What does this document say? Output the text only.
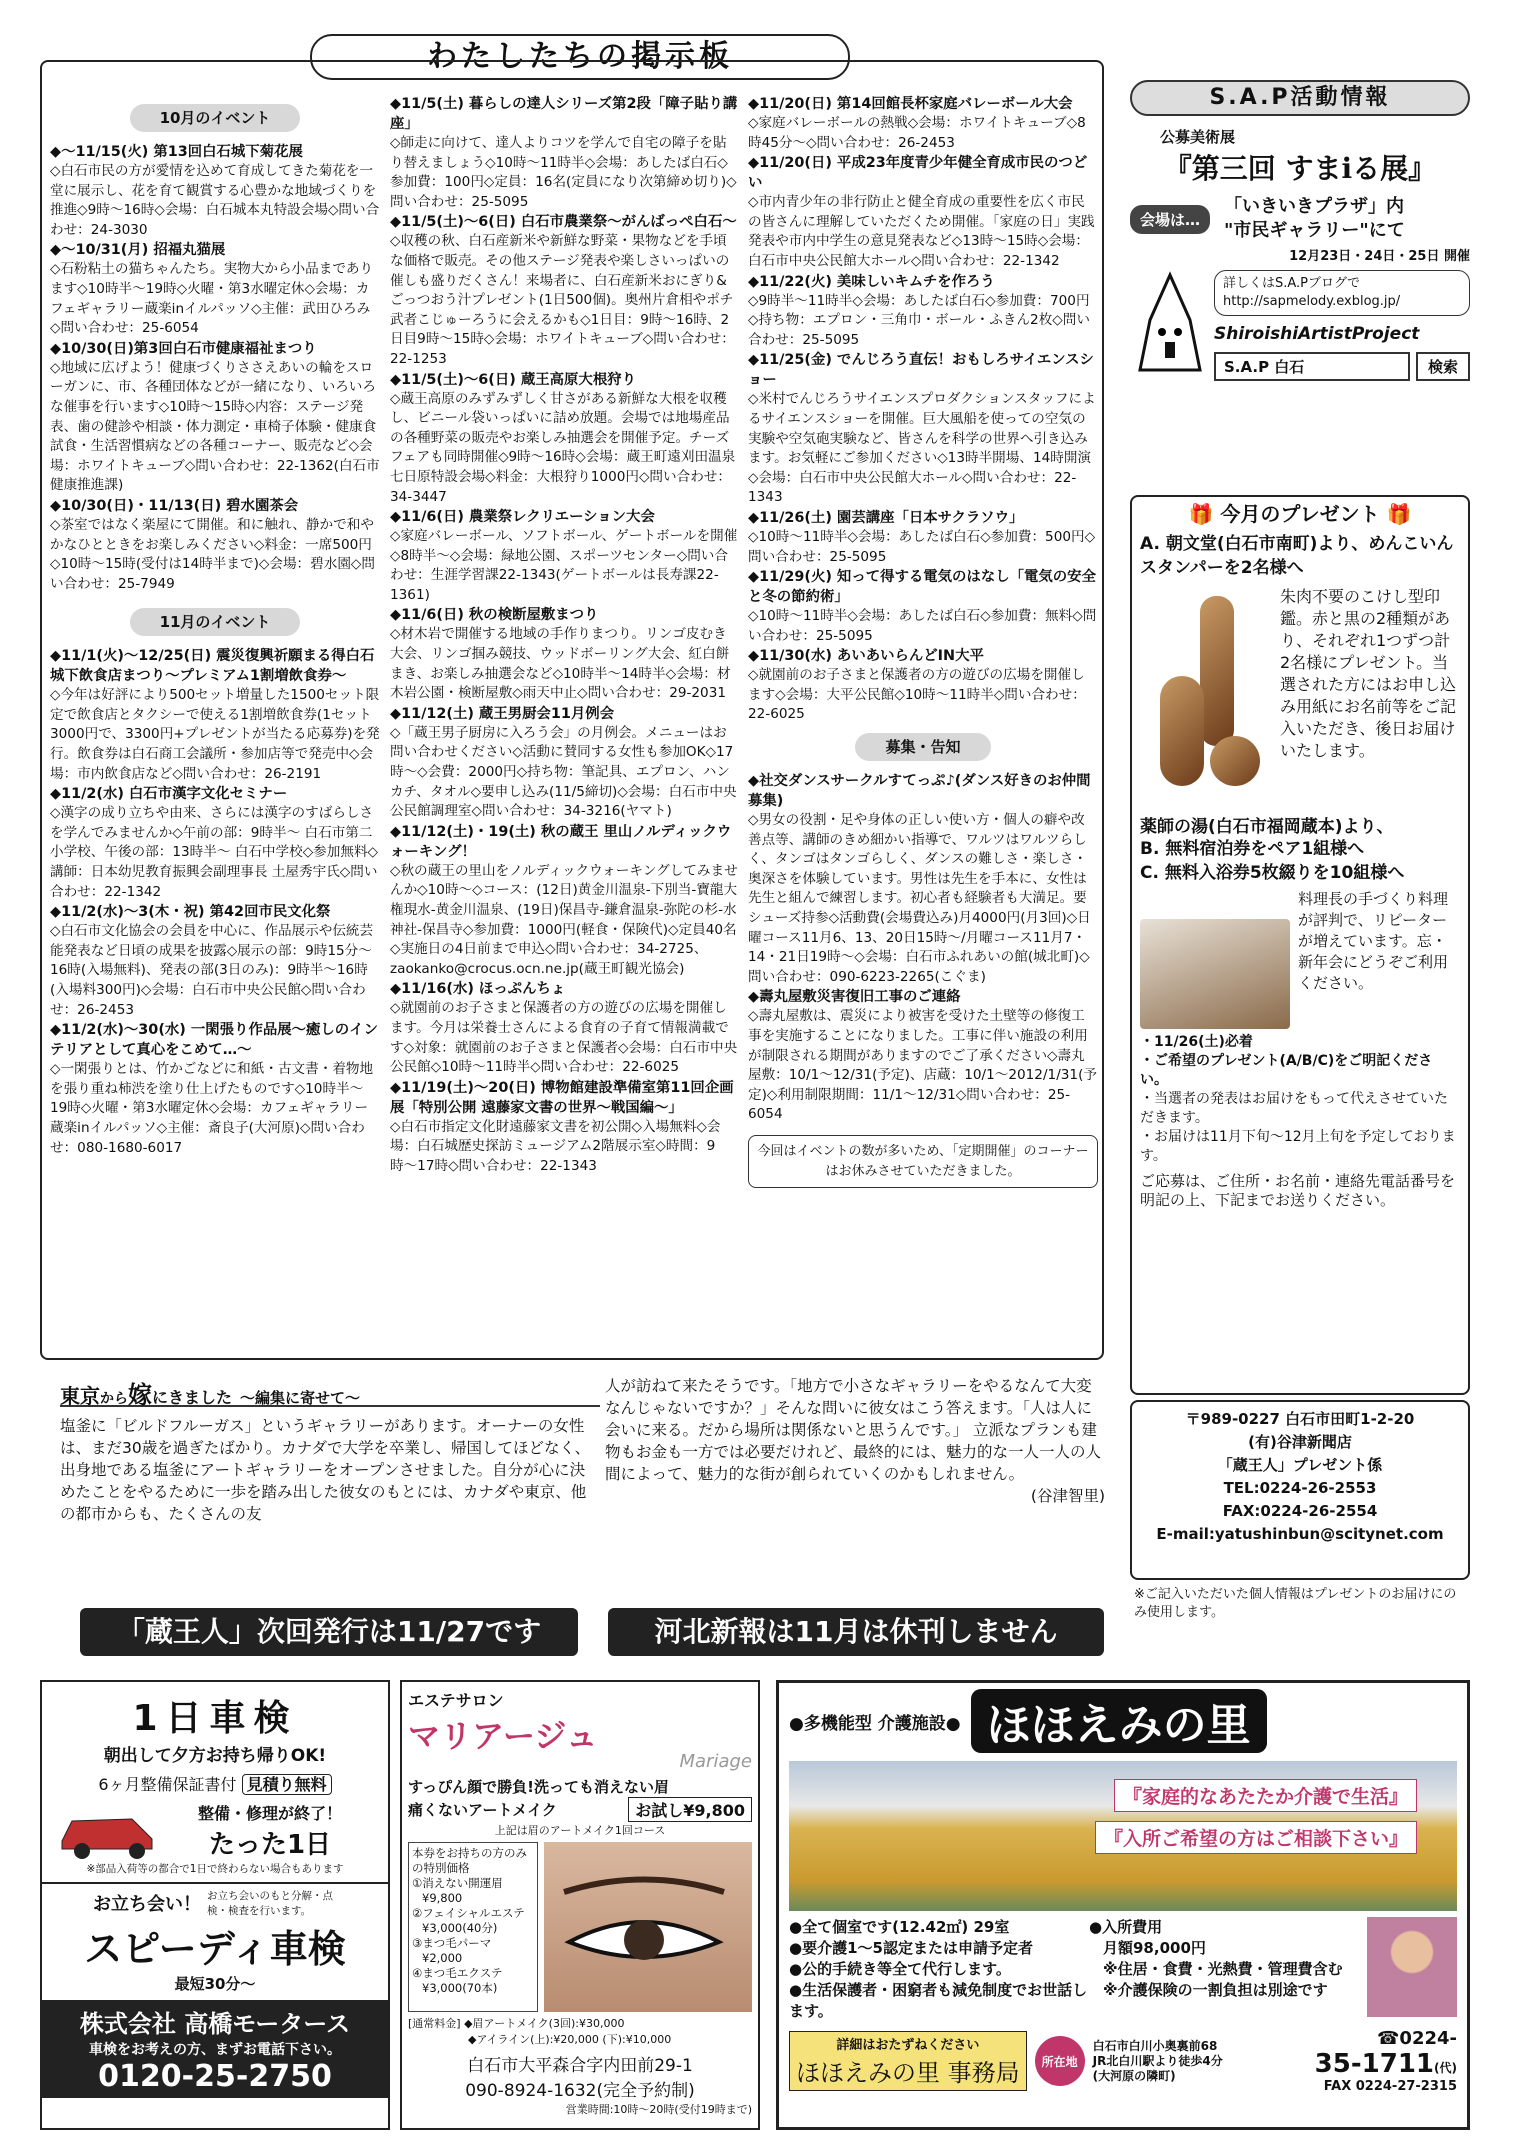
わたしたちの掲示板
10月のイベント
◆〜11/15(火) 第13回白石城下菊花展
◇白石市民の方が愛情を込めて育成してきた菊花を一堂に展示し、花を育て観賞する心豊かな地域づくりを推進◇9時〜16時◇会場：白石城本丸特設会場◇問い合わせ：24-3030
◆〜10/31(月) 招福丸猫展
◇石粉粘土の猫ちゃんたち。実物大から小品まであります◇10時半〜19時◇火曜・第3水曜定休◇会場：カフェギャラリー蔵楽inイルパッソ◇主催：武田ひろみ◇問い合わせ：25-6054
◆10/30(日)第3回白石市健康福祉まつり
◇地域に広げよう！健康づくりささえあいの輪をスローガンに、市、各種団体などが一緒になり、いろいろな催事を行います◇10時〜15時◇内容：ステージ発表、歯の健診や相談・体力測定・車椅子体験・健康食試食・生活習慣病などの各種コーナー、販売など◇会場：ホワイトキューブ◇問い合わせ：22-1362(白石市健康推進課)
◆10/30(日)・11/13(日) 碧水園茶会
◇茶室ではなく楽屋にて開催。和に触れ、静かで和やかなひとときをお楽しみください◇料金：一席500円◇10時〜15時(受付は14時半まで)◇会場：碧水園◇問い合わせ：25-7949
11月のイベント
◆11/1(火)〜12/25(日) 震災復興祈願まる得白石城下飲食店まつり〜プレミアム1割増飲食券〜
◇今年は好評により500セット増量した1500セット限定で飲食店とタクシーで使える1割増飲食券(1セット3000円で、3300円+プレゼントが当たる応募券)を発行。飲食券は白石商工会議所・参加店等で発売中◇会場：市内飲食店など◇問い合わせ：26-2191
◆11/2(水) 白石市漢字文化セミナー
◇漢字の成り立ちや由来、さらには漢字のすばらしさを学んでみませんか◇午前の部：9時半〜 白石市第二小学校、午後の部：13時半〜 白石中学校◇参加無料◇講師：日本幼児教育振興会副理事長 土屋秀宇氏◇問い合わせ：22-1342
◆11/2(水)〜3(木・祝) 第42回市民文化祭
◇白石市文化協会の会員を中心に、作品展示や伝統芸能発表など日頃の成果を披露◇展示の部：9時15分〜16時(入場無料)、発表の部(3日のみ)：9時半〜16時(入場料300円)◇会場：白石市中央公民館◇問い合わせ：26-2453
◆11/2(水)〜30(水) 一閑張り作品展〜癒しのインテリアとして真心をこめて…〜
◇一閑張りとは、竹かごなどに和紙・古文書・着物地を張り重ね柿渋を塗り仕上げたものです◇10時半〜19時◇火曜・第3水曜定休◇会場：カフェギャラリー蔵楽inイルパッソ◇主催：斎良子(大河原)◇問い合わせ：080-1680-6017
◆11/5(土) 暮らしの達人シリーズ第2段「障子貼り講座」
◇師走に向けて、達人よりコツを学んで自宅の障子を貼り替えましょう◇10時〜11時半◇会場：あしたば白石◇参加費：100円◇定員：16名(定員になり次第締め切り)◇問い合わせ：25-5095
◆11/5(土)〜6(日) 白石市農業祭〜がんばっぺ白石〜
◇収穫の秋、白石産新米や新鮮な野菜・果物などを手頃な価格で販売。その他ステージ発表や楽しさいっぱいの催しも盛りだくさん！来場者に、白石産新米おにぎり&ごっつおう汁プレゼント(1日500個)。奥州片倉相やポチ武者こじゅーろうに会えるかも◇1日目：9時〜16時、2日目9時〜15時◇会場：ホワイトキューブ◇問い合わせ：22-1253
◆11/5(土)〜6(日) 蔵王高原大根狩り
◇蔵王高原のみずみずしく甘さがある新鮮な大根を収穫し、ビニール袋いっぱいに詰め放題。会場では地場産品の各種野菜の販売やお楽しみ抽選会を開催予定。チーズフェアも同時開催◇9時〜16時◇会場：蔵王町遠刈田温泉七日原特設会場◇料金：大根狩り1000円◇問い合わせ：34-3447
◆11/6(日) 農業祭レクリエーション大会
◇家庭バレーボール、ソフトボール、ゲートボールを開催◇8時半〜◇会場：緑地公園、スポーツセンター◇問い合わせ：生涯学習課22-1343(ゲートボールは長寿課22-1361)
◆11/6(日) 秋の検断屋敷まつり
◇材木岩で開催する地域の手作りまつり。リンゴ皮むき大会、リンゴ掴み競技、ウッドボーリング大会、紅白餅まき、お楽しみ抽選会など◇10時半〜14時半◇会場：材木岩公園・検断屋敷◇雨天中止◇問い合わせ：29-2031
◆11/12(土) 蔵王男厨会11月例会
◇「蔵王男子厨房に入ろう会」の月例会。メニューはお問い合わせください◇活動に賛同する女性も参加OK◇17時〜◇会費：2000円◇持ち物：筆記具、エプロン、ハンカチ、タオル◇要申し込み(11/5締切)◇会場：白石市中央公民館調理室◇問い合わせ：34-3216(ヤマト)
◆11/12(土)・19(土) 秋の蔵王 里山ノルディックウォーキング！
◇秋の蔵王の里山をノルディックウォーキングしてみませんか◇10時〜◇コース：(12日)黄金川温泉-下別当-寶龍大権現水-黄金川温泉、(19日)保昌寺-鎌倉温泉-弥陀の杉-水神社-保昌寺◇参加費：1000円(軽食・保険代)◇定員40名◇実施日の4日前まで申込◇問い合わせ：34-2725、zaokanko@crocus.ocn.ne.jp(蔵王町観光協会)
◆11/16(水) ほっぷんちょ
◇就園前のお子さまと保護者の方の遊びの広場を開催します。今月は栄養士さんによる食育の子育て情報満載です◇対象：就園前のお子さまと保護者◇会場：白石市中央公民館◇10時〜11時半◇問い合わせ：22-6025
◆11/19(土)〜20(日) 博物館建設準備室第11回企画展「特別公開 遠藤家文書の世界〜戦国編〜」
◇白石市指定文化財遠藤家文書を初公開◇入場無料◇会場：白石城歴史探訪ミュージアム2階展示室◇時間：9時〜17時◇問い合わせ：22-1343
◆11/20(日) 第14回館長杯家庭バレーボール大会
◇家庭バレーボールの熱戦◇会場：ホワイトキューブ◇8時45分〜◇問い合わせ：26-2453
◆11/20(日) 平成23年度青少年健全育成市民のつどい
◇市内青少年の非行防止と健全育成の重要性を広く市民の皆さんに理解していただくため開催。「家庭の日」実践発表や市内中学生の意見発表など◇13時〜15時◇会場：白石市中央公民館大ホール◇問い合わせ：22-1342
◆11/22(火) 美味しいキムチを作ろう
◇9時半〜11時半◇会場：あしたば白石◇参加費：700円◇持ち物：エプロン・三角巾・ボール・ふきん2枚◇問い合わせ：25-5095
◆11/25(金) でんじろう直伝！おもしろサイエンスショー
◇米村でんじろうサイエンスプロダクションスタッフによるサイエンスショーを開催。巨大風船を使っての空気の実験や空気砲実験など、皆さんを科学の世界へ引き込みます。お気軽にご参加ください◇13時半開場、14時開演◇会場：白石市中央公民館大ホール◇問い合わせ：22-1343
◆11/26(土) 園芸講座「日本サクラソウ」
◇10時〜11時半◇会場：あしたば白石◇参加費：500円◇問い合わせ：25-5095
◆11/29(火) 知って得する電気のはなし「電気の安全と冬の節約術」
◇10時〜11時半◇会場：あしたば白石◇参加費：無料◇問い合わせ：25-5095
◆11/30(水) あいあいらんどIN大平
◇就園前のお子さまと保護者の方の遊びの広場を開催します◇会場：大平公民館◇10時〜11時半◇問い合わせ：22-6025
募集・告知
◆社交ダンスサークルすてっぷ♪(ダンス好きのお仲間募集)
◇男女の役割・足や身体の正しい使い方・個人の癖や改善点等、講師のきめ細かい指導で、ワルツはワルツらしく、タンゴはタンゴらしく、ダンスの難しさ・楽しさ・奥深さを体験しています。男性は先生を手本に、女性は先生と組んで練習します。初心者も経験者も大満足。要シューズ持参◇活動費(会場費込み)月4000円(月3回)◇日曜コース11月6、13、20日15時〜/月曜コース11月7・14・21日19時〜◇会場：白石市ふれあいの館(城北町)◇問い合わせ：090-6223-2265(こぐま)
◆壽丸屋敷災害復旧工事のご連絡
◇壽丸屋敷は、震災により被害を受けた土壁等の修復工事を実施することになりました。工事に伴い施設の利用が制限される期間がありますのでご了承ください◇壽丸屋敷：10/1〜12/31(予定)、店蔵：10/1〜2012/1/31(予定)◇利用制限期間：11/1〜12/31◇問い合わせ：25-6054
今回はイベントの数が多いため、「定期開催」のコーナーはお休みさせていただきました。
S.A.P活動情報
公募美術展
『第三回 すまiる展』
会場は…
「いきいきプラザ」内
"市民ギャラリー"にて
12月23日・24日・25日 開催
詳しくはS.A.Pブログで
http://sapmelody.exblog.jp/
ShiroishiArtistProject
S.A.P 白石	検索
🎁 今月のプレゼント 🎁
A. 朝文堂(白石市南町)より、めんこいんスタンパーを2名様へ
朱肉不要のこけし型印鑑。赤と黒の2種類があり、それぞれ1つずつ計2名様にプレゼント。当選された方にはお申し込み用紙にお名前等をご記入いただき、後日お届けいたします。
薬師の湯(白石市福岡蔵本)より、
B. 無料宿泊券をペア1組様へ
C. 無料入浴券5枚綴りを10組様へ
料理長の手づくり料理が評判で、リピーターが増えています。忘・新年会にどうぞご利用ください。
・11/26(土)必着
・ご希望のプレゼント(A/B/C)をご明記ください。
・当選者の発表はお届けをもって代えさせていただきます。
・お届けは11月下旬〜12月上旬を予定しております。
ご応募は、ご住所・お名前・連絡先電話番号を明記の上、下記までお送りください。
〒989-0227 白石市田町1-2-20
(有)谷津新聞店
「蔵王人」プレゼント係
TEL:0224-26-2553
FAX:0224-26-2554
E-mail:yatushinbun@scitynet.com
※ご記入いただいた個人情報はプレゼントのお届けにのみ使用します。
東京から嫁にきました 〜編集に寄せて〜
塩釜に「ビルドフルーガス」というギャラリーがあります。オーナーの女性は、まだ30歳を過ぎたばかり。カナダで大学を卒業し、帰国してほどなく、出身地である塩釜にアートギャラリーをオープンさせました。自分が心に決めたことをやるために一歩を踏み出した彼女のもとには、カナダや東京、他の都市からも、たくさんの友
人が訪ねて来たそうです。「地方で小さなギャラリーをやるなんて大変なんじゃないですか？」そんな問いに彼女はこう答えます。「人は人に会いに来る。だから場所は関係ないと思うんです。」 立派なプランも建物もお金も一方では必要だけれど、最終的には、魅力的な一人一人の人間によって、魅力的な街が創られていくのかもしれません。
(谷津智里)
「蔵王人」次回発行は11/27です	河北新報は11月は休刊しません
1日車検
朝出して夕方お持ち帰りOK!
6ヶ月整備保証書付 見積り無料
整備・修理が終了！
たった1日
※部品入荷等の都合で1日で終わらない場合もあります
お立ち会い！ お立ち会いのもと分解・点検・検査を行います。
スピーディ車検
最短30分〜
株式会社 高橋モータース
車検をお考えの方、まずお電話下さい。
0120-25-2750
エステサロン
マリアージュ
Mariage
すっぴん顔で勝負!洗っても消えない眉
痛くないアートメイク	お試し¥9,800
上記は眉のアートメイク1回コース
本券をお持ちの方のみの特別価格
①消えない開運眉
¥9,800
②フェイシャルエステ
¥3,000(40分)
③まつ毛パーマ
¥2,000
④まつ毛エクステ
¥3,000(70本)
[通常料金] ◆眉アートメイク(3回):¥30,000
◆アイライン(上):¥20,000 (下):¥10,000
白石市大平森合字内田前29-1
090-8924-1632(完全予約制)
営業時間:10時〜20時(受付19時まで)
●多機能型 介護施設● ほほえみの里
『家庭的なあたたか介護で生活』
『入所ご希望の方はご相談下さい』
●全て個室です(12.42㎡) 29室
●要介護1〜5認定または申請予定者
●公的手続き等全て代行します。
●生活保護者・困窮者も減免制度でお世話します。
●入所費用
月額98,000円
※住居・食費・光熱費・管理費含む
※介護保険の一割負担は別途です
詳細はおたずねください
ほほえみの里 事務局	所在地
白石市白川小奥裏前68
JR北白川駅より徒歩4分
(大河原の隣町)
☎0224-
35-1711(代)
FAX 0224-27-2315
